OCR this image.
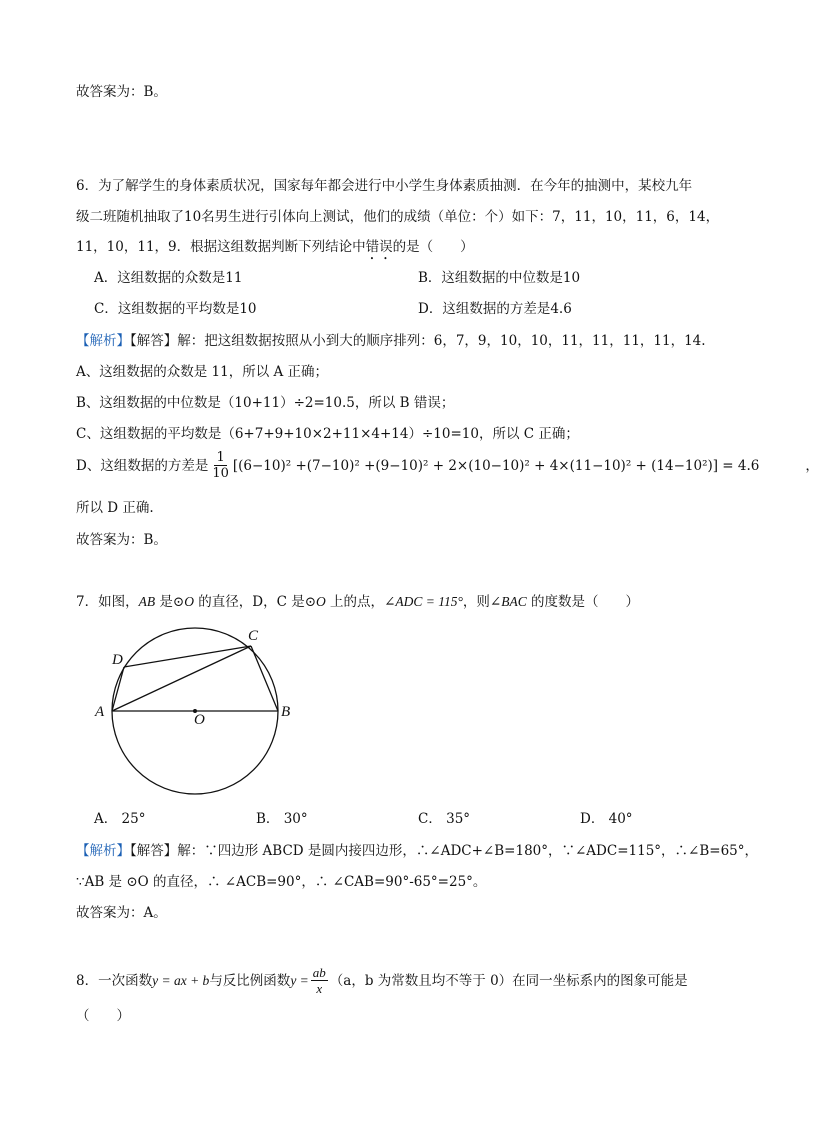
故答案为：B。
6．为了解学生的身体素质状况，国家每年都会进行中小学生身体素质抽测．在今年的抽测中，某校九年
级二班随机抽取了10名男生进行引体向上测试，他们的成绩（单位：个）如下：7，11，10，11，6，14，
11，10，11，9．根据这组数据判断下列结论中错误的是（　　）
A．这组数据的众数是11	B．这组数据的中位数是10
C．这组数据的平均数是10	D．这组数据的方差是4.6
【解析】【解答】解：把这组数据按照从小到大的顺序排列：6，7，9，10，10，11，11，11，11，14.
A、这组数据的众数是 11，所以 A 正确；
B、这组数据的中位数是（10+11）÷2=10.5，所以 B 错误；
C、这组数据的平均数是（6+7+9+10×2+11×4+14）÷10=10，所以 C 正确；
D、这组数据的方差是 $\frac{1}{10} [(6-10)^2 +(7-10)^2 +(9-10)^2 + 2\times(10-10)^2 + 4\times(11-10)^2 + (14-10^2)] = 4.6$	，
所以 D 正确.
故答案为：B。
7．如图，AB 是⊙O 的直径，D，C 是⊙O 上的点，∠ADC = 115°，则∠BAC 的度数是（　　）
A	B
C
D
O
A． 25°	B． 30°	C． 35°	D． 40°
【解析】【解答】解：∵四边形 ABCD 是圆内接四边形，∴∠ADC+∠B=180°，∵∠ADC=115°，∴∠B=65°，
∵AB 是 ⊙O 的直径，∴ ∠ACB=90°，∴ ∠CAB=90°-65°=25°。
故答案为：A。
8．一次函数 y = ax + b 与反比例函数 $y = \frac{ab}{x} (a$，b 为常数且均不等于 0）在同一坐标系内的图象可能是
（　　）
